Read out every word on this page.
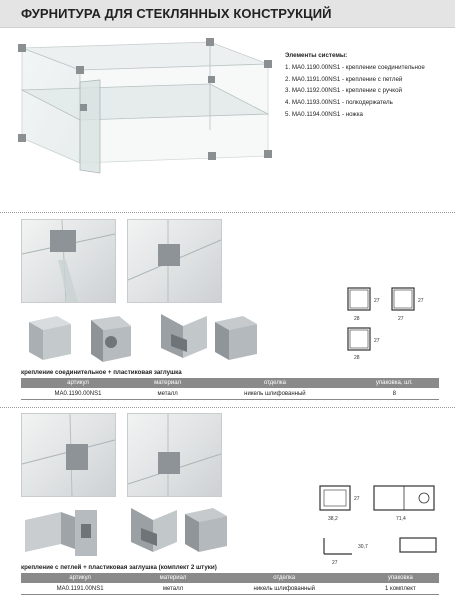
ФУРНИТУРА ДЛЯ СТЕКЛЯННЫХ КОНСТРУКЦИЙ
Элементы системы:
1. MA0.1190.00NS1 - крепление соединительное
2. MA0.1191.00NS1 - крепление с петлей
3. MA0.1192.00NS1 - крепление с ручкой
4. MA0.1193.00NS1 - полкодержатель
5. MA0.1194.00NS1 - ножка
27
28
27
27
27
28
крепление соединительное + пластиковая заглушка
артикул	материал	отделка	упаковка, шт.
MA0.1190.00NS1	металл	никель шлифованный	8
27
38,2	71,4
30,7
27
крепление с петлей + пластиковая заглушка (комплект 2 штуки)
артикул	материал	отделка	упаковка
MA0.1191.00NS1	металл	никель шлифованный	1 комплект
